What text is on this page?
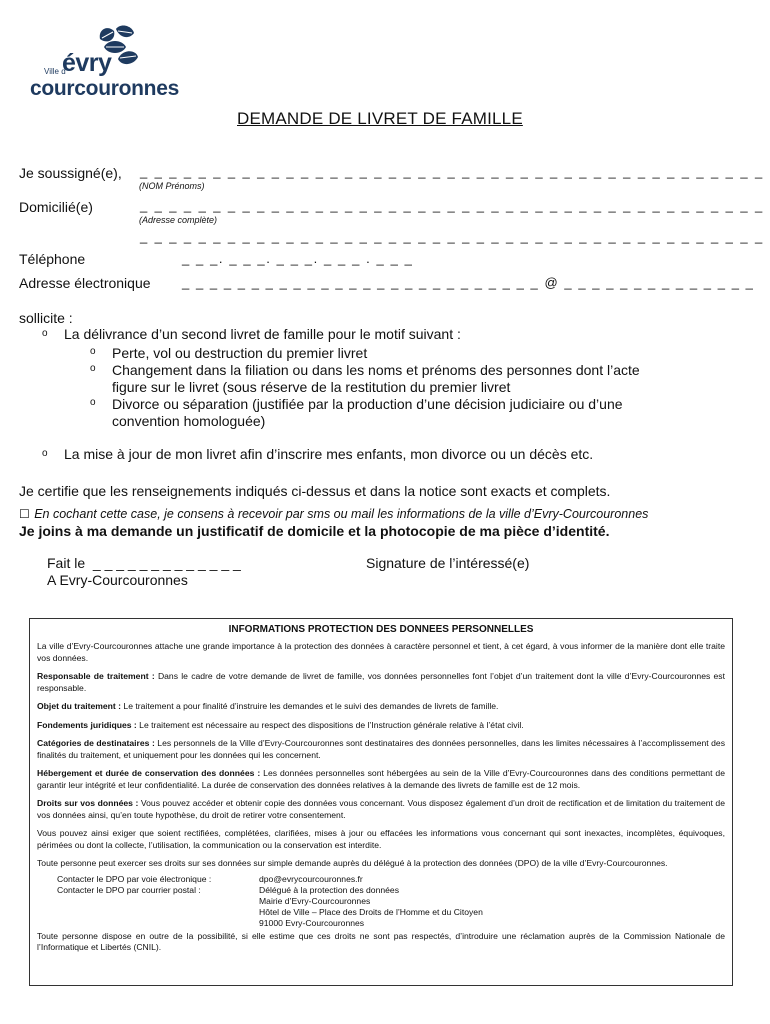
Ville d'
évry
courcouronnes
DEMANDE DE LIVRET DE FAMILLE
Je soussigné(e), _ _ _ _ _ _ _ _ _ _ _ _ _ _ _ _ _ _ _ _ _ _ _ _ _ _ _ _ _ _ _ _ _ _ _ _ _ _ _ _ _ _ _
(NOM Prénoms)
Domicilié(e)	_ _ _ _ _ _ _ _ _ _ _ _ _ _ _ _ _ _ _ _ _ _ _ _ _ _ _ _ _ _ _ _ _ _ _ _ _ _ _ _ _ _ _
(Adresse complète)
_ _ _ _ _ _ _ _ _ _ _ _ _ _ _ _ _ _ _ _ _ _ _ _ _ _ _ _ _ _ _ _ _ _ _ _ _ _ _ _ _ _ _
Téléphone	_ _ _. _ _ _. _ _ _. _ _ _ . _ _ _
Adresse électronique _ _ _ _ _ _ _ _ _ _ _ _ _ _ _ _ _ _ _ _ _ _ _ _ _ _ @ _ _ _ _ _ _ _ _ _ _ _ _ _ _
sollicite :
o La délivrance d’un second livret de famille pour le motif suivant :
o Perte, vol ou destruction du premier livret
o Changement dans la filiation ou dans les noms et prénoms des personnes dont l’acte
figure sur le livret (sous réserve de la restitution du premier livret
o Divorce ou séparation (justifiée par la production d’une décision judiciaire ou d’une
convention homologuée)
o La mise à jour de mon livret afin d’inscrire mes enfants, mon divorce ou un décès etc.
Je certifie que les renseignements indiqués ci-dessus et dans la notice sont exacts et complets.
☐ En cochant cette case, je consens à recevoir par sms ou mail les informations de la ville d’Evry-Courcouronnes
Je joins à ma demande un justificatif de domicile et la photocopie de ma pièce d’identité.
Fait le  _ _ _ _ _ _ _ _ _ _ _ _ _
A Evry-Courcouronnes
Signature de l’intéressé(e)
INFORMATIONS PROTECTION DES DONNEES PERSONNELLES
La ville d’Evry-Courcouronnes attache une grande importance à la protection des données à caractère personnel et tient, à cet égard, à vous informer de la manière dont elle traite vos données.
Responsable de traitement : Dans le cadre de votre demande de livret de famille, vos données personnelles font l’objet d’un traitement dont la ville d’Evry-Courcouronnes est responsable.
Objet du traitement : Le traitement a pour finalité d’instruire les demandes et le suivi des demandes de livrets de famille.
Fondements juridiques : Le traitement est nécessaire au respect des dispositions de l’Instruction générale relative à l’état civil.
Catégories de destinataires : Les personnels de la Ville d’Evry-Courcouronnes sont destinataires des données personnelles, dans les limites nécessaires à l’accomplissement des finalités du traitement, et uniquement pour les données qui les concernent.
Hébergement et durée de conservation des données : Les données personnelles sont hébergées au sein de la Ville d’Evry-Courcouronnes dans des conditions permettant de garantir leur intégrité et leur confidentialité. La durée de conservation des données relatives à la demande des livrets de famille est de 12 mois.
Droits sur vos données : Vous pouvez accéder et obtenir copie des données vous concernant. Vous disposez également d’un droit de rectification et de limitation du traitement de vos données ainsi, qu’en toute hypothèse, du droit de retirer votre consentement.
Vous pouvez ainsi exiger que soient rectifiées, complétées, clarifiées, mises à jour ou effacées les informations vous concernant qui sont inexactes, incomplètes, équivoques, périmées ou dont la collecte, l’utilisation, la communication ou la conservation est interdite.
Toute personne peut exercer ses droits sur ses données sur simple demande auprès du délégué à la protection des données (DPO) de la ville d’Evry-Courcouronnes.
Contacter le DPO par voie électronique :	dpo@evrycourcouronnes.fr
Contacter le DPO par courrier postal :	Délégué à la protection des données
Mairie d’Evry-Courcouronnes
Hôtel de Ville – Place des Droits de l’Homme et du Citoyen
91000 Evry-Courcouronnes
Toute personne dispose en outre de la possibilité, si elle estime que ces droits ne sont pas respectés, d’introduire une réclamation auprès de la Commission Nationale de l’Informatique et Libertés (CNIL).
